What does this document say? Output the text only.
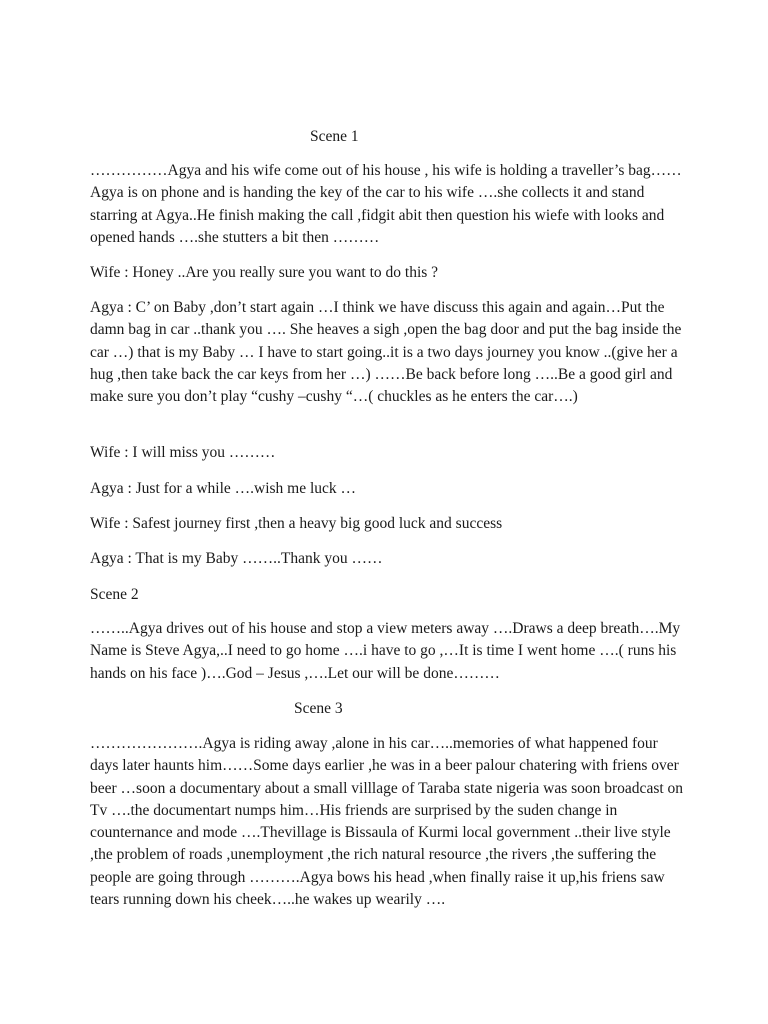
Scene 1

……………Agya and his wife come out of his house , his wife is holding a traveller’s bag……Agya is on phone and is handing the key of the car to his wife ….she collects it and stand starring at Agya..He finish making the call ,fidgit abit then question his wiefe with looks and opened hands ….she stutters a bit then ………

Wife : Honey ..Are you really sure you want to do this ?

Agya : C’ on Baby ,don’t start again …I think we have discuss this again and again…Put the damn bag in car ..thank you …. She heaves a sigh ,open the bag door and put the bag inside the car …) that is my Baby … I have to start going..it is a two days journey you know ..(give her a hug ,then take back the car keys from her …) ……Be back before long …..Be a good girl and make sure you don’t play “cushy –cushy “…( chuckles as he enters the car….)

Wife : I will miss you ………

Agya : Just for a while ….wish me luck …

Wife : Safest journey first ,then a heavy big good luck and success

Agya : That is my Baby ……..Thank you ……

Scene 2

……..Agya drives out of his house and stop a view meters away ….Draws a deep breath….My Name is Steve Agya,..I need to go home ….i have to go ,…It is time I went home ….( runs his hands on his face )….God – Jesus ,….Let our will be done………

Scene 3

………………….Agya is riding away ,alone in his car…..memories of what happened four days later haunts him……Some days earlier ,he was in a beer palour chatering with friens over beer …soon a documentary about a small villlage of Taraba state nigeria was soon broadcast on Tv ….the documentart numps him…His friends are surprised by the suden change in counternance and mode ….Thevillage is Bissaula of Kurmi local government ..their live style ,the problem of roads ,unemployment ,the rich natural resource ,the rivers ,the suffering the people are going through ……….Agya bows his head ,when finally raise it up,his friens saw tears running down his cheek…..he wakes up wearily ….
